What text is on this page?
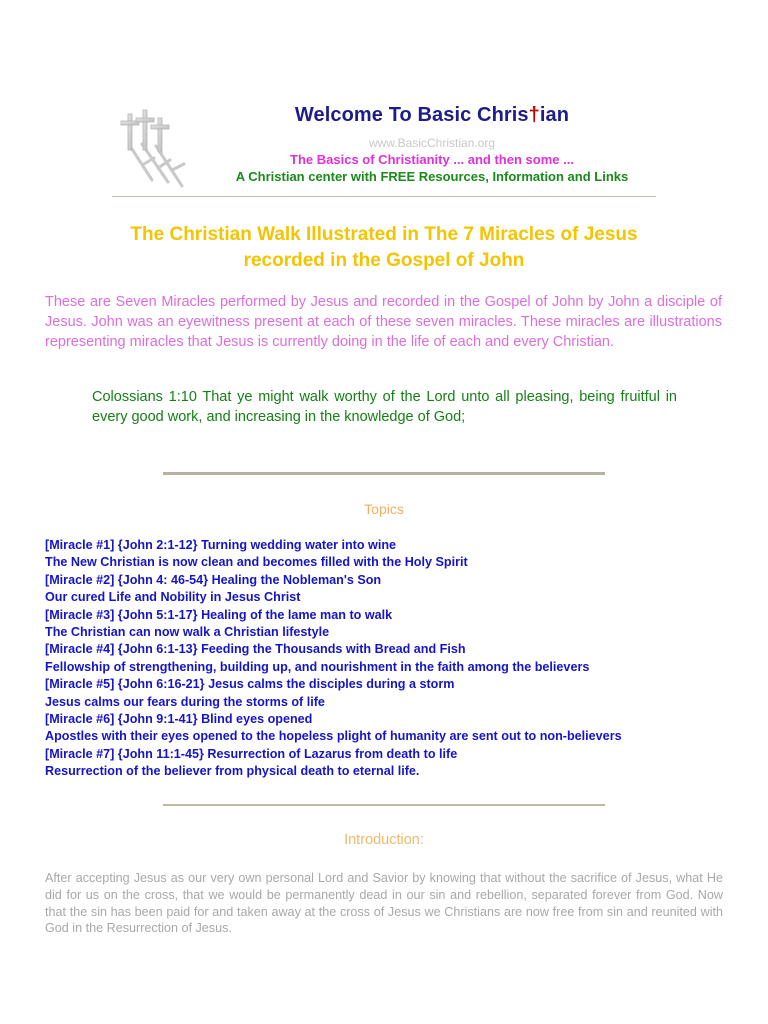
Welcome To Basic Chris†ian
www.BasicChristian.org
The Basics of Christianity ... and then some ...
A Christian center with FREE Resources, Information and Links
The Christian Walk Illustrated in The 7 Miracles of Jesus
recorded in the Gospel of John
These are Seven Miracles performed by Jesus and recorded in the Gospel of John by John a disciple of Jesus. John was an eyewitness present at each of these seven miracles. These miracles are illustrations representing miracles that Jesus is currently doing in the life of each and every Christian.
Colossians 1:10 That ye might walk worthy of the Lord unto all pleasing, being fruitful in every good work, and increasing in the knowledge of God;
Topics
[Miracle #1] {John 2:1-12} Turning wedding water into wine
The New Christian is now clean and becomes filled with the Holy Spirit
[Miracle #2] {John 4: 46-54} Healing the Nobleman's Son
Our cured Life and Nobility in Jesus Christ
[Miracle #3] {John 5:1-17} Healing of the lame man to walk
The Christian can now walk a Christian lifestyle
[Miracle #4] {John 6:1-13} Feeding the Thousands with Bread and Fish
Fellowship of strengthening, building up, and nourishment in the faith among the believers
[Miracle #5] {John 6:16-21} Jesus calms the disciples during a storm
Jesus calms our fears during the storms of life
[Miracle #6] {John 9:1-41} Blind eyes opened
Apostles with their eyes opened to the hopeless plight of humanity are sent out to non-believers
[Miracle #7] {John 11:1-45} Resurrection of Lazarus from death to life
Resurrection of the believer from physical death to eternal life.
Introduction:
After accepting Jesus as our very own personal Lord and Savior by knowing that without the sacrifice of Jesus, what He did for us on the cross, that we would be permanently dead in our sin and rebellion, separated forever from God. Now that the sin has been paid for and taken away at the cross of Jesus we Christians are now free from sin and reunited with God in the Resurrection of Jesus.
